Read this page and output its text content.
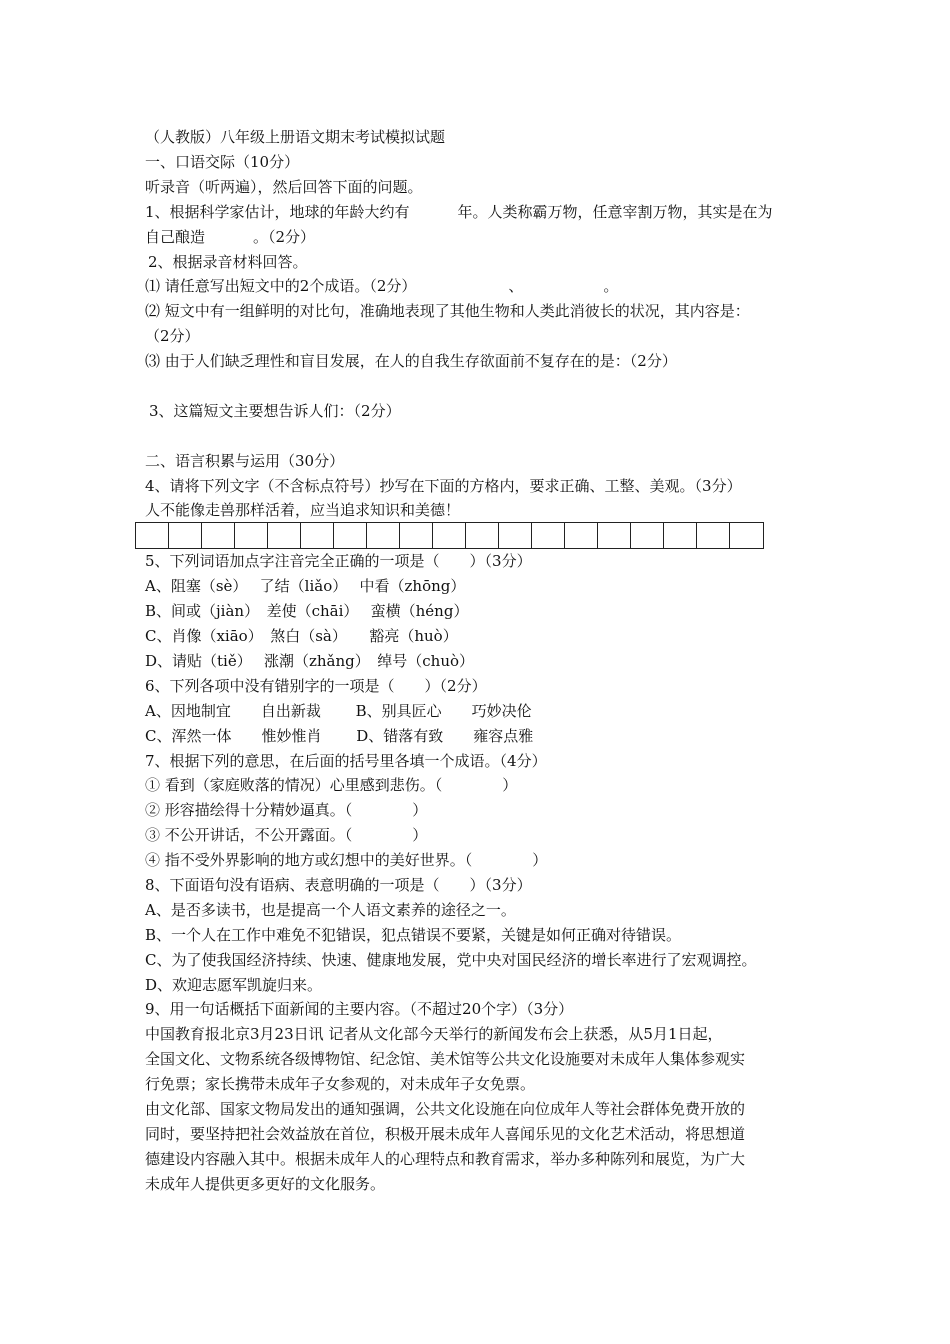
（人教版）八年级上册语文期末考试模拟试题
一、口语交际（10分）
听录音（听两遍），然后回答下面的问题。
1、根据科学家估计，地球的年龄大约有	年。人类称霸万物，任意宰割万物，其实是在为
自己酿造	。（2分）
2、根据录音材料回答。
⑴ 请任意写出短文中的2个成语。（2分）	、	。
⑵ 短文中有一组鲜明的对比句，准确地表现了其他生物和人类此消彼长的状况，其内容是：
（2分）
⑶ 由于人们缺乏理性和盲目发展，在人的自我生存欲面前不复存在的是：（2分）
3、这篇短文主要想告诉人们：（2分）
二、语言积累与运用（30分）
4、请将下列文字（不含标点符号）抄写在下面的方格内，要求正确、工整、美观。（3分）
人不能像走兽那样活着，应当追求知识和美德！
5、下列词语加点字注音完全正确的一项是（　　）（3分）
A、阻塞（sè）　 了结（liǎo）　 中看（zhōng）
B、间或（jiàn）　差使（chāi）　 蛮横（héng）
C、肖像（xiāo）　煞白（sà）　　豁亮（huò）
D、请贴（tiě）　 涨潮（zhǎng）　绰号（chuò）
6、下列各项中没有错别字的一项是（　　）（2分）
A、因地制宜　　自出新裁　　 B、别具匠心　　巧妙决伦
C、浑然一体　　惟妙惟肖　　 D、错落有致　　雍容点雅
7、根据下列的意思，在后面的括号里各填一个成语。（4分）
① 看到（家庭败落的情况）心里感到悲伤。（　　　　）
② 形容描绘得十分精妙逼真。（　　　　）
③ 不公开讲话，不公开露面。（　　　　）
④ 指不受外界影响的地方或幻想中的美好世界。（　　　　）
8、下面语句没有语病、表意明确的一项是（　　）（3分）
A、是否多读书，也是提高一个人语文素养的途径之一。
B、一个人在工作中难免不犯错误，犯点错误不要紧，关键是如何正确对待错误。
C、为了使我国经济持续、快速、健康地发展，党中央对国民经济的增长率进行了宏观调控。
D、欢迎志愿军凯旋归来。
9、用一句话概括下面新闻的主要内容。（不超过20个字）（3分）
中国教育报北京3月23日讯 记者从文化部今天举行的新闻发布会上获悉，从5月1日起，
全国文化、文物系统各级博物馆、纪念馆、美术馆等公共文化设施要对未成年人集体参观实
行免票；家长携带未成年子女参观的，对未成年子女免票。
由文化部、国家文物局发出的通知强调，公共文化设施在向位成年人等社会群体免费开放的
同时，要坚持把社会效益放在首位，积极开展未成年人喜闻乐见的文化艺术活动，将思想道
德建设内容融入其中。根据未成年人的心理特点和教育需求，举办多种陈列和展览，为广大
未成年人提供更多更好的文化服务。
